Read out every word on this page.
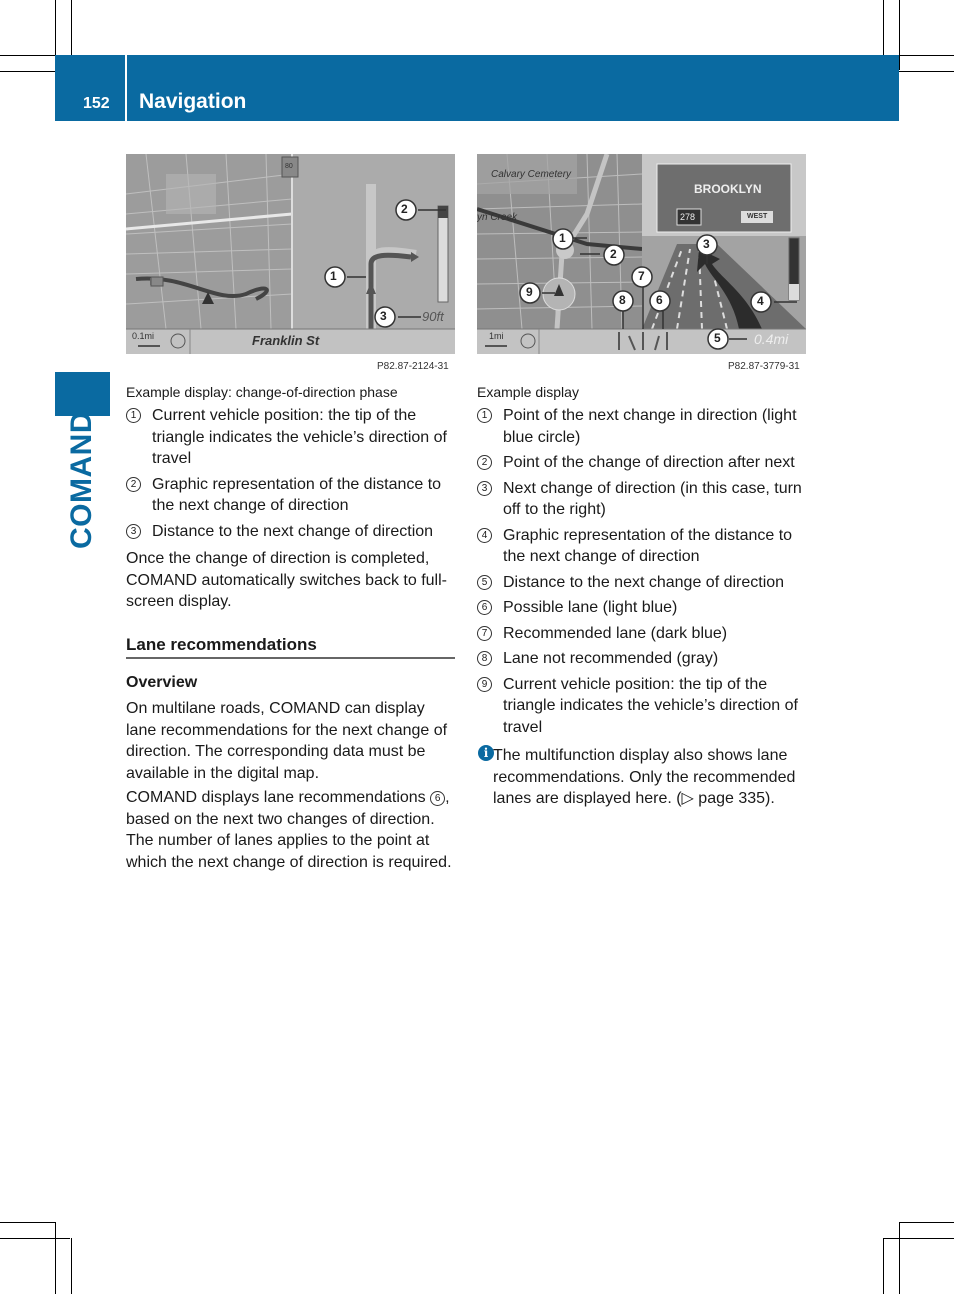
152 Navigation
COMAND
80
1
2
3	90ft
0.1mi	Franklin St
P82.87-2124-31
BROOKLYN
278	WEST
Calvary Cemetery
yn Creek
1
2
3
4
5
6
7
8
9
1mi	0.4mi
P82.87-3779-31
Example display: change-of-direction phase
1 Current vehicle position: the tip of the triangle indicates the vehicle’s direction of travel
2 Graphic representation of the distance to the next change of direction
3 Distance to the next change of direction
Once the change of direction is completed, COMAND automatically switches back to full-screen display.
Lane recommendations
Overview
On multilane roads, COMAND can display lane recommendations for the next change of direction. The corresponding data must be available in the digital map.
COMAND displays lane recommendations 6 , based on the next two changes of direction. The number of lanes applies to the point at which the next change of direction is required.
Example display
1 Point of the next change in direction (light blue circle)
2 Point of the change of direction after next
3 Next change of direction (in this case, turn off to the right)
4 Graphic representation of the distance to the next change of direction
5 Distance to the next change of direction
6 Possible lane (light blue)
7 Recommended lane (dark blue)
8 Lane not recommended (gray)
9 Current vehicle position: the tip of the triangle indicates the vehicle’s direction of travel
i The multifunction display also shows lane recommendations. Only the recommended lanes are displayed here. (▷ page 335).
